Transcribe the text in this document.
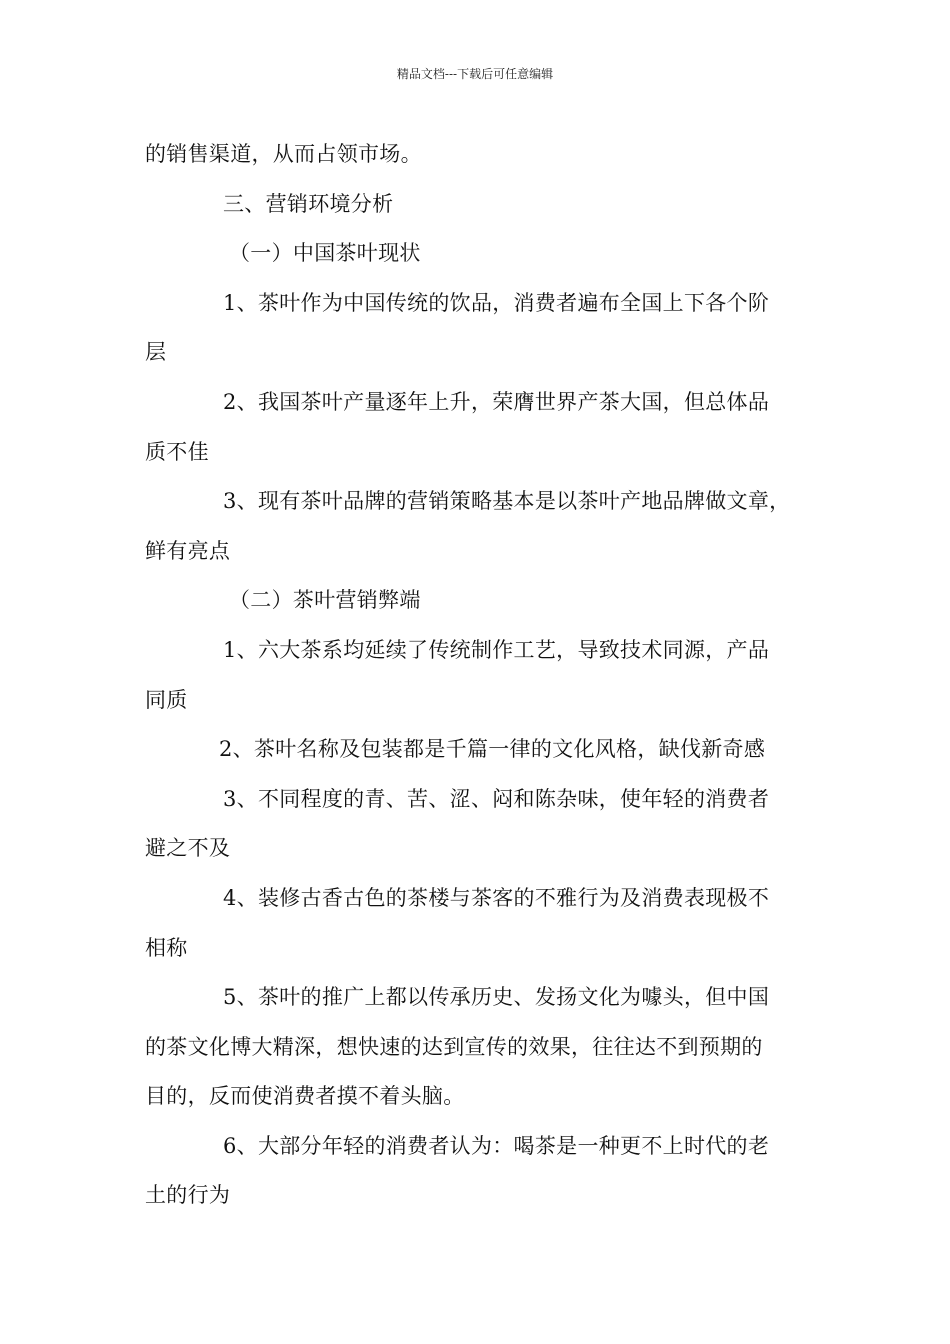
精品文档---下载后可任意编辑

的销售渠道，从而占领市场。

三、营销环境分析

（一）中国茶叶现状

1、茶叶作为中国传统的饮品，消费者遍布全国上下各个阶

层

2、我国茶叶产量逐年上升，荣膺世界产茶大国，但总体品

质不佳

3、现有茶叶品牌的营销策略基本是以茶叶产地品牌做文章，

鲜有亮点

（二）茶叶营销弊端

1、六大茶系均延续了传统制作工艺，导致技术同源，产品

同质

2、茶叶名称及包装都是千篇一律的文化风格，缺伐新奇感

3、不同程度的青、苦、涩、闷和陈杂味，使年轻的消费者

避之不及

4、装修古香古色的茶楼与茶客的不雅行为及消费表现极不

相称

5、茶叶的推广上都以传承历史、发扬文化为噱头，但中国

的茶文化博大精深，想快速的达到宣传的效果，往往达不到预期的

目的，反而使消费者摸不着头脑。

6、大部分年轻的消费者认为：喝茶是一种更不上时代的老

土的行为
